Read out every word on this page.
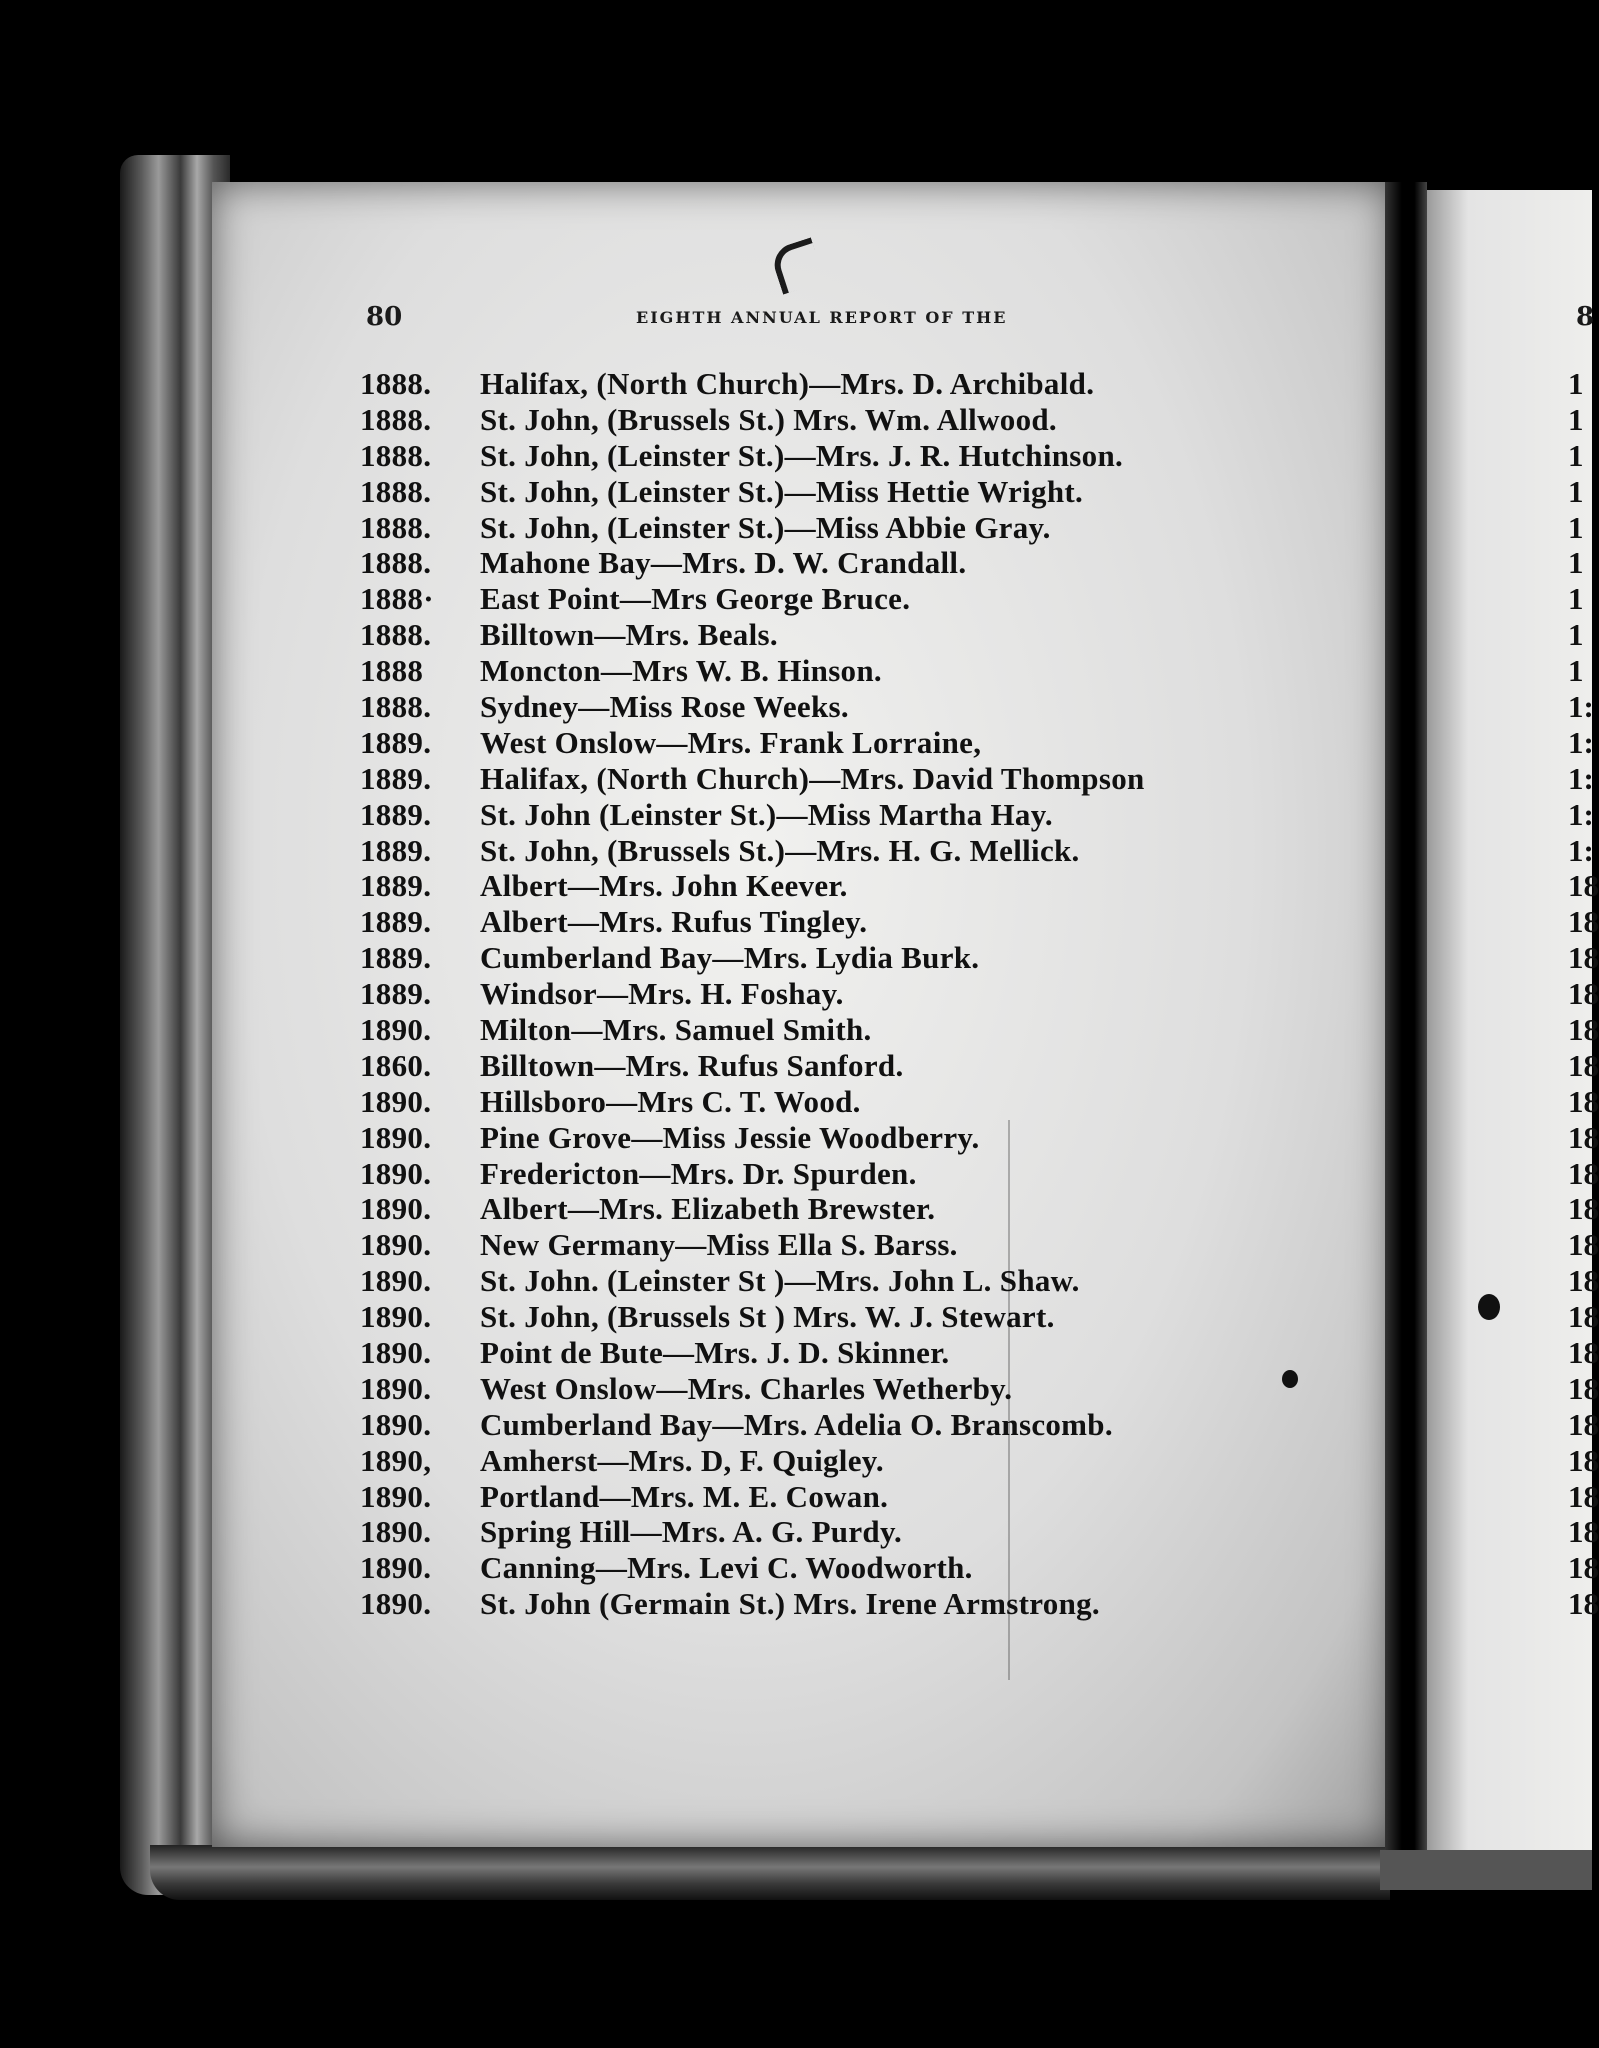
80	EIGHTH ANNUAL REPORT OF THE	8
1888.	Halifax, (North Church)—Mrs. D. Archibald.
1888.	St. John, (Brussels St.) Mrs. Wm. Allwood.
1888.	St. John, (Leinster St.)—Mrs. J. R. Hutchinson.
1888.	St. John, (Leinster St.)—Miss Hettie Wright.
1888.	St. John, (Leinster St.)—Miss Abbie Gray.
1888.	Mahone Bay—Mrs. D. W. Crandall.
1888·	East Point—Mrs George Bruce.
1888.	Billtown—Mrs. Beals.
1888	Moncton—Mrs W. B. Hinson.
1888.	Sydney—Miss Rose Weeks.
1889.	West Onslow—Mrs. Frank Lorraine,
1889.	Halifax, (North Church)—Mrs. David Thompson
1889.	St. John (Leinster St.)—Miss Martha Hay.
1889.	St. John, (Brussels St.)—Mrs. H. G. Mellick.
1889.	Albert—Mrs. John Keever.
1889.	Albert—Mrs. Rufus Tingley.
1889.	Cumberland Bay—Mrs. Lydia Burk.
1889.	Windsor—Mrs. H. Foshay.
1890.	Milton—Mrs. Samuel Smith.
1860.	Billtown—Mrs. Rufus Sanford.
1890.	Hillsboro—Mrs C. T. Wood.
1890.	Pine Grove—Miss Jessie Woodberry.
1890.	Fredericton—Mrs. Dr. Spurden.
1890.	Albert—Mrs. Elizabeth Brewster.
1890.	New Germany—Miss Ella S. Barss.
1890.	St. John. (Leinster St )—Mrs. John L. Shaw.
1890.	St. John, (Brussels St ) Mrs. W. J. Stewart.
1890.	Point de Bute—Mrs. J. D. Skinner.
1890.	West Onslow—Mrs. Charles Wetherby.
1890.	Cumberland Bay—Mrs. Adelia O. Branscomb.
1890,	Amherst—Mrs. D, F. Quigley.
1890.	Portland—Mrs. M. E. Cowan.
1890.	Spring Hill—Mrs. A. G. Purdy.
1890.	Canning—Mrs. Levi C. Woodworth.
1890.	St. John (Germain St.) Mrs. Irene Armstrong.
1
1
1
1
1
1
1
1
1
1:
1:
1:
1:
1:
18
18
18
18
18
18
18
18
18
18
18
18
18
18
18
18
18
18
18
18
18
